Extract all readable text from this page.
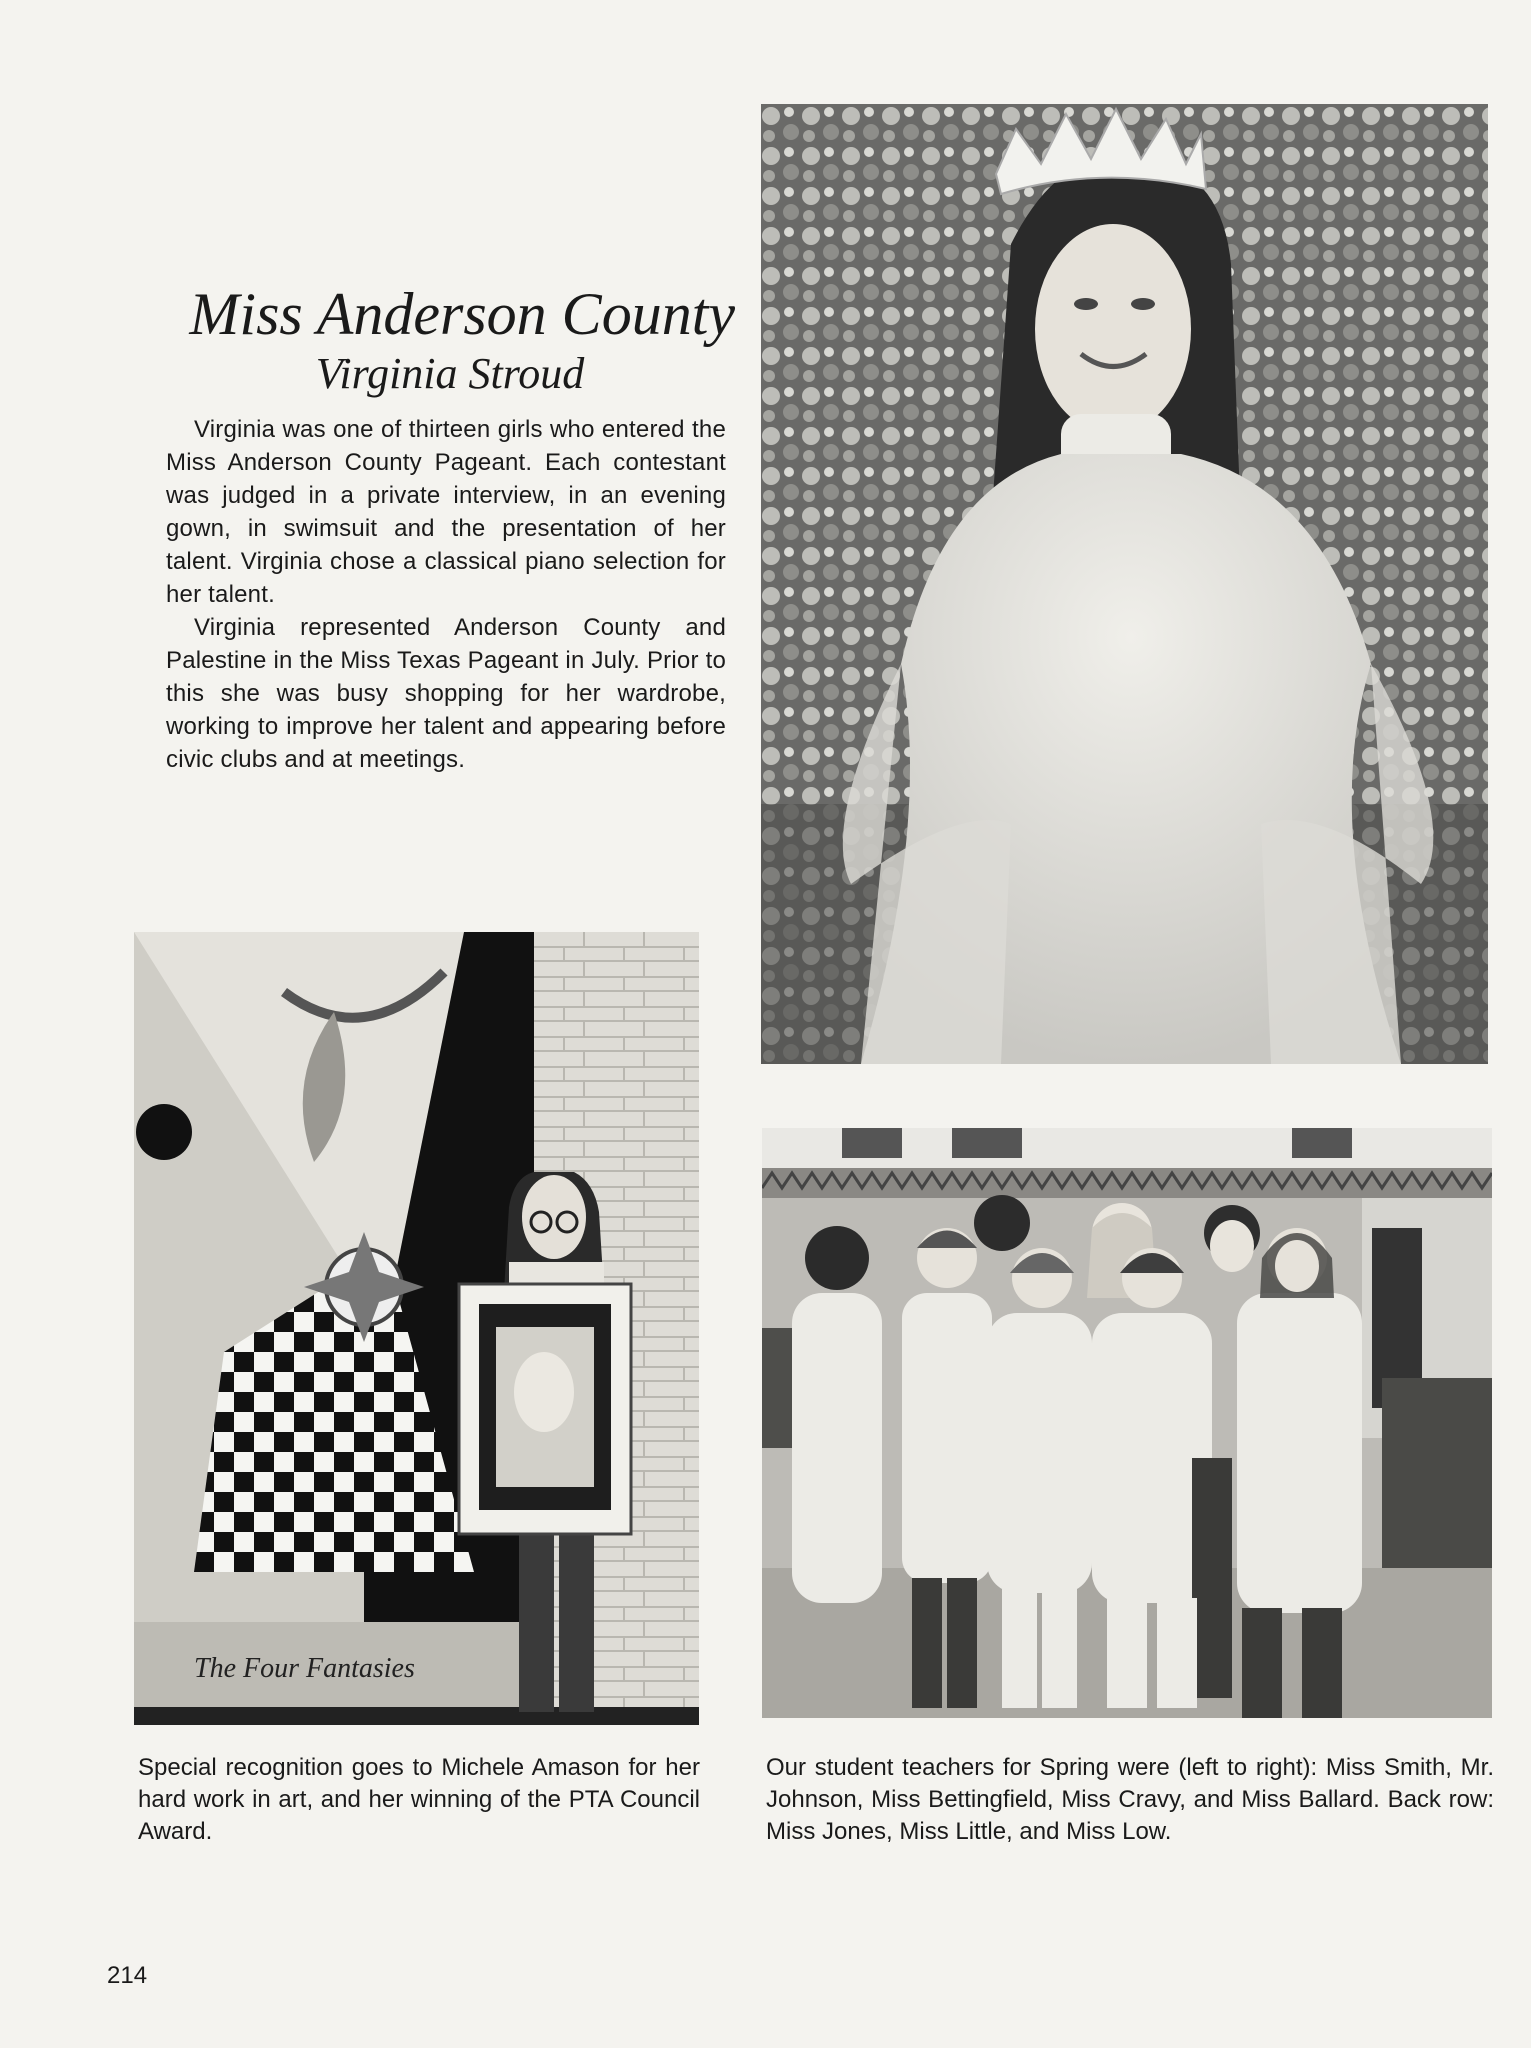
Miss Anderson County
Virginia Stroud

Virginia was one of thirteen girls who entered the Miss Anderson County Pageant. Each contestant was judged in a private interview, in an evening gown, in swimsuit and the presentation of her talent. Virginia chose a classical piano selection for her talent.

Virginia represented Anderson County and Palestine in the Miss Texas Pageant in July. Prior to this she was busy shopping for her wardrobe, working to improve her talent and appearing before civic clubs and at meetings.

The Four Fantasies
Special recognition goes to Michele Amason for her hard work in art, and her winning of the PTA Council Award.
Our student teachers for Spring were (left to right): Miss Smith, Mr. Johnson, Miss Bettingfield, Miss Cravy, and Miss Ballard. Back row: Miss Jones, Miss Little, and Miss Low.
214
